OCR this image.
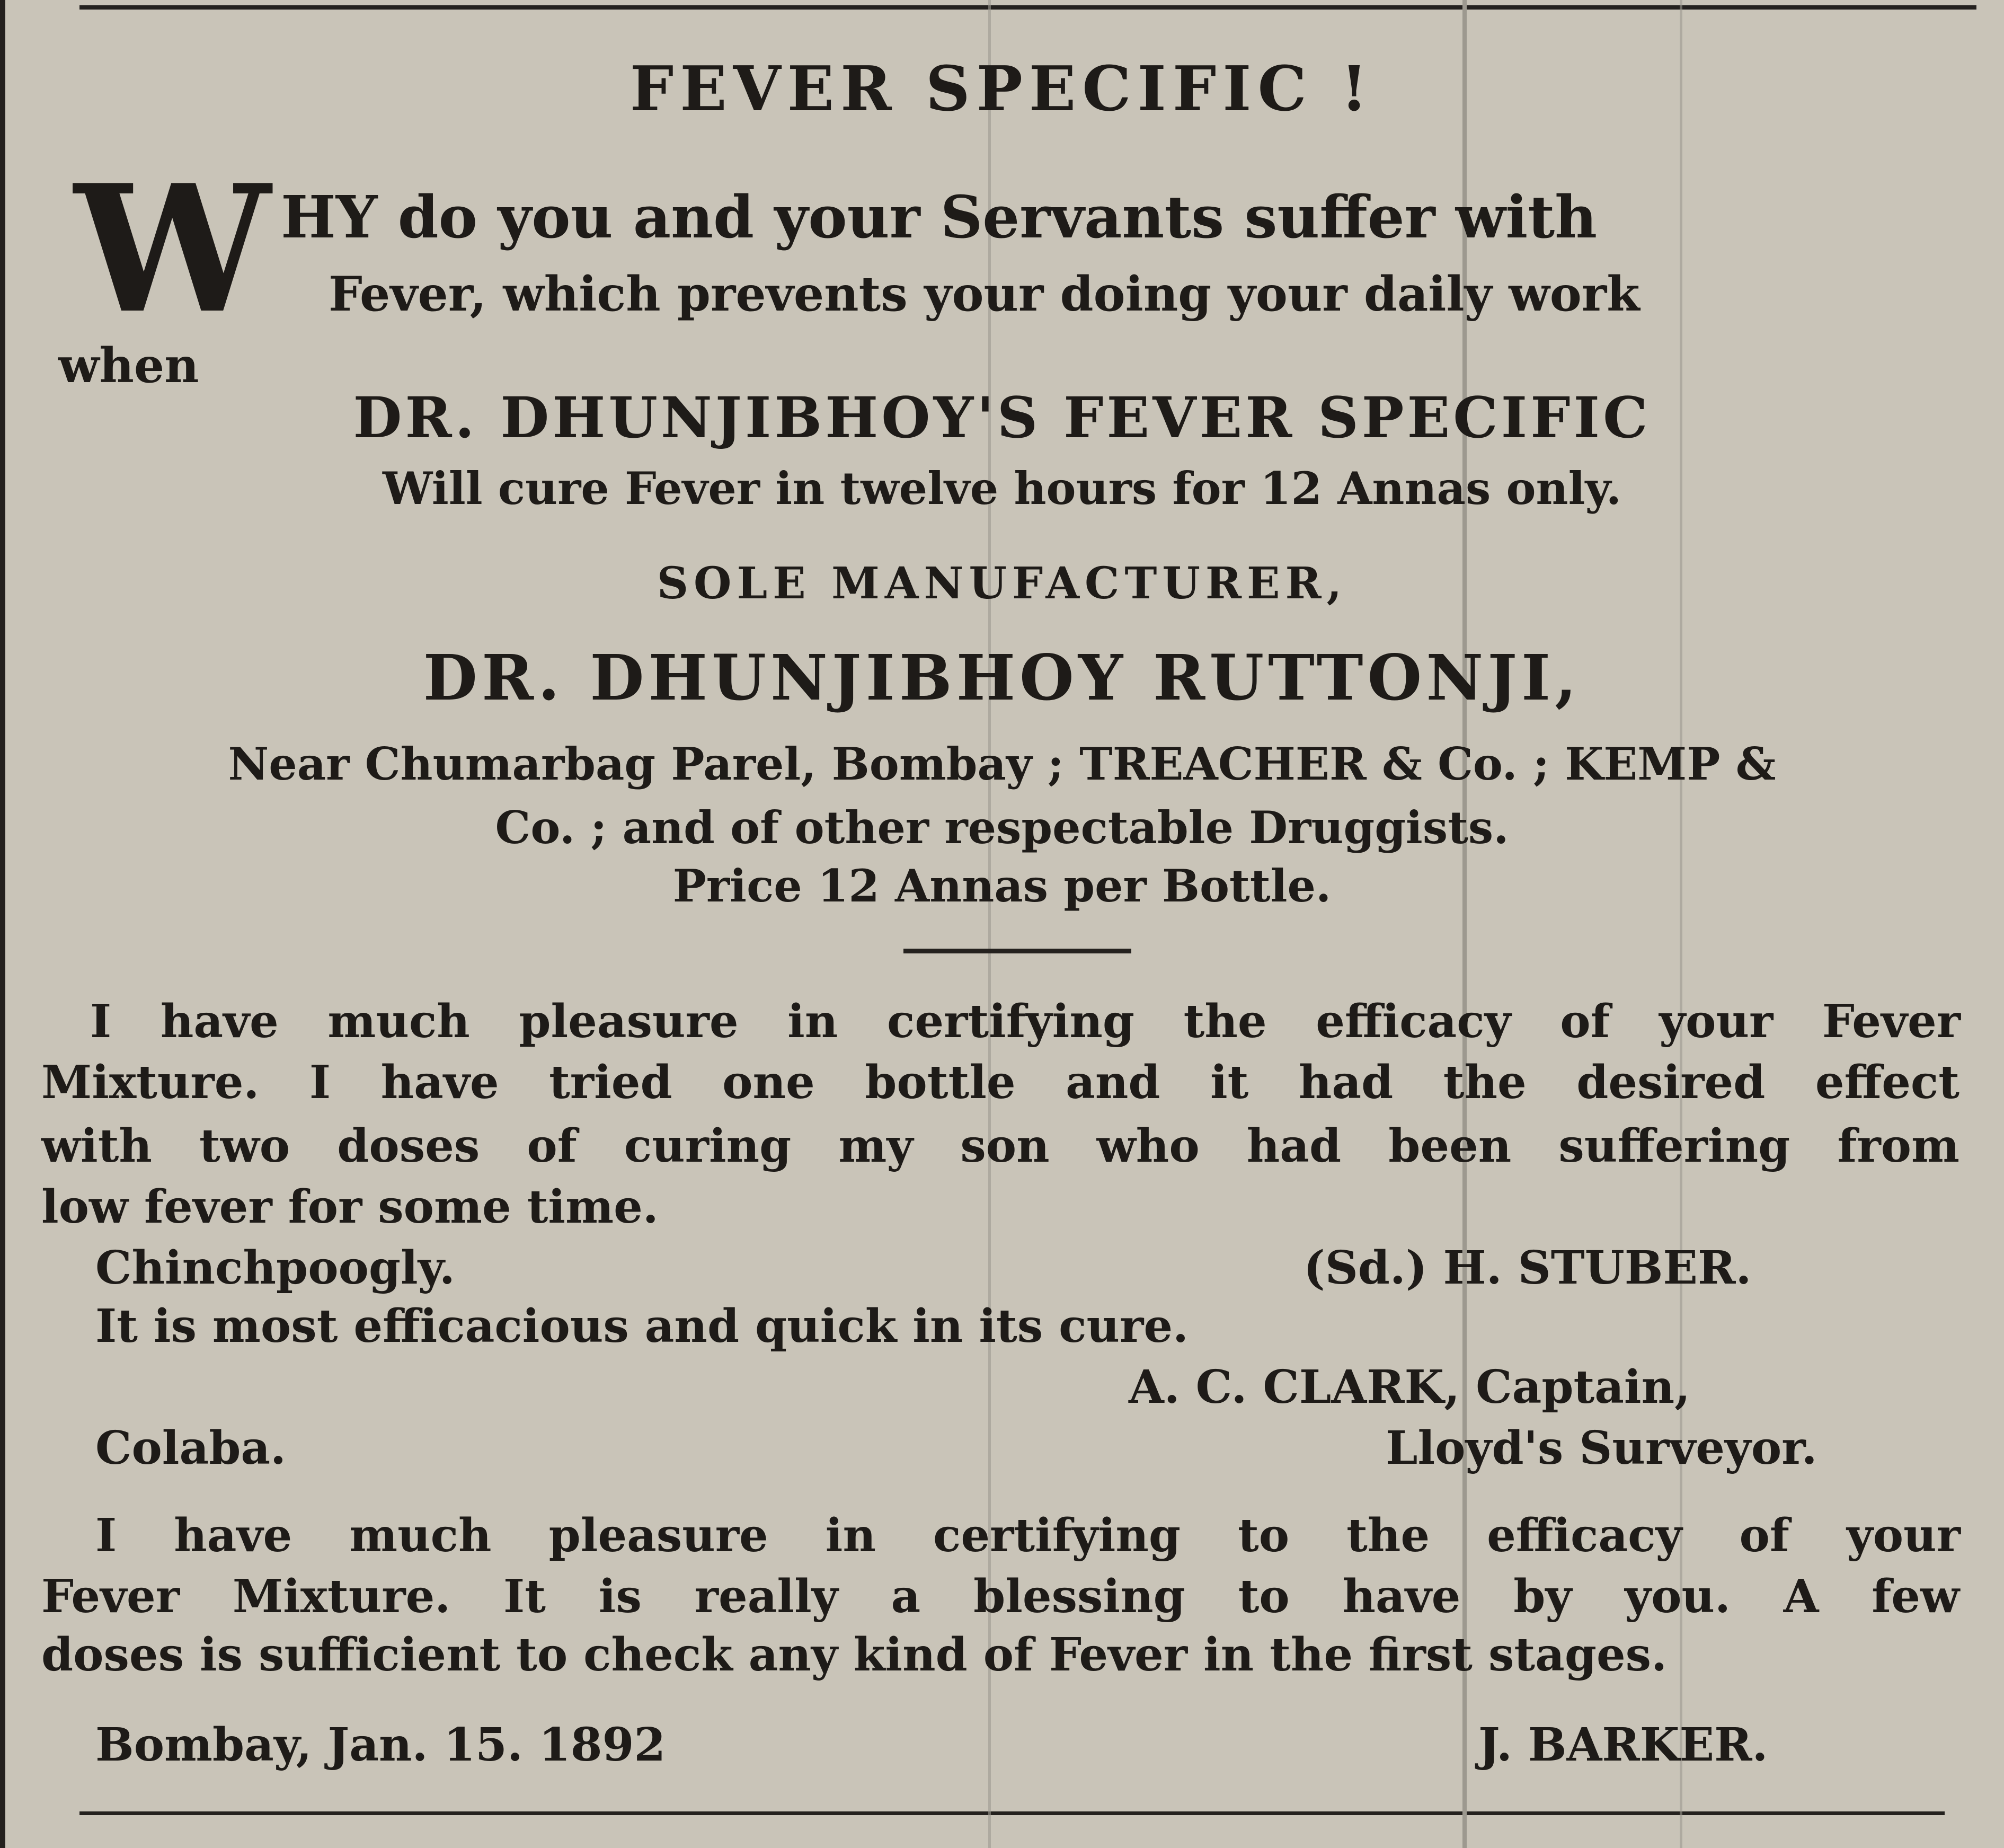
FEVER SPECIFIC !
W HY do you and your Servants suffer with
Fever, which prevents your doing your daily work
when
DR. DHUNJIBHOY'S FEVER SPECIFIC
Will cure Fever in twelve hours for 12 Annas only.
SOLE MANUFACTURER,
DR. DHUNJIBHOY RUTTONJI,
Near Chumarbag Parel, Bombay ; TREACHER & Co. ; KEMP &
Co. ; and of other respectable Druggists.
Price 12 Annas per Bottle.
I have much pleasure in certifying the efficacy of your Fever
Mixture. I have tried one bottle and it had the desired effect
with two doses of curing my son who had been suffering from
low fever for some time.
Chinchpoogly.	(Sd.) H. STUBER.
It is most efficacious and quick in its cure.
A. C. CLARK, Captain,
Colaba.	Lloyd's Surveyor.
I have much pleasure in certifying to the efficacy of your
Fever Mixture. It is really a blessing to have by you. A few
doses is sufficient to check any kind of Fever in the first stages.
Bombay, Jan. 15. 1892	J. BARKER.
